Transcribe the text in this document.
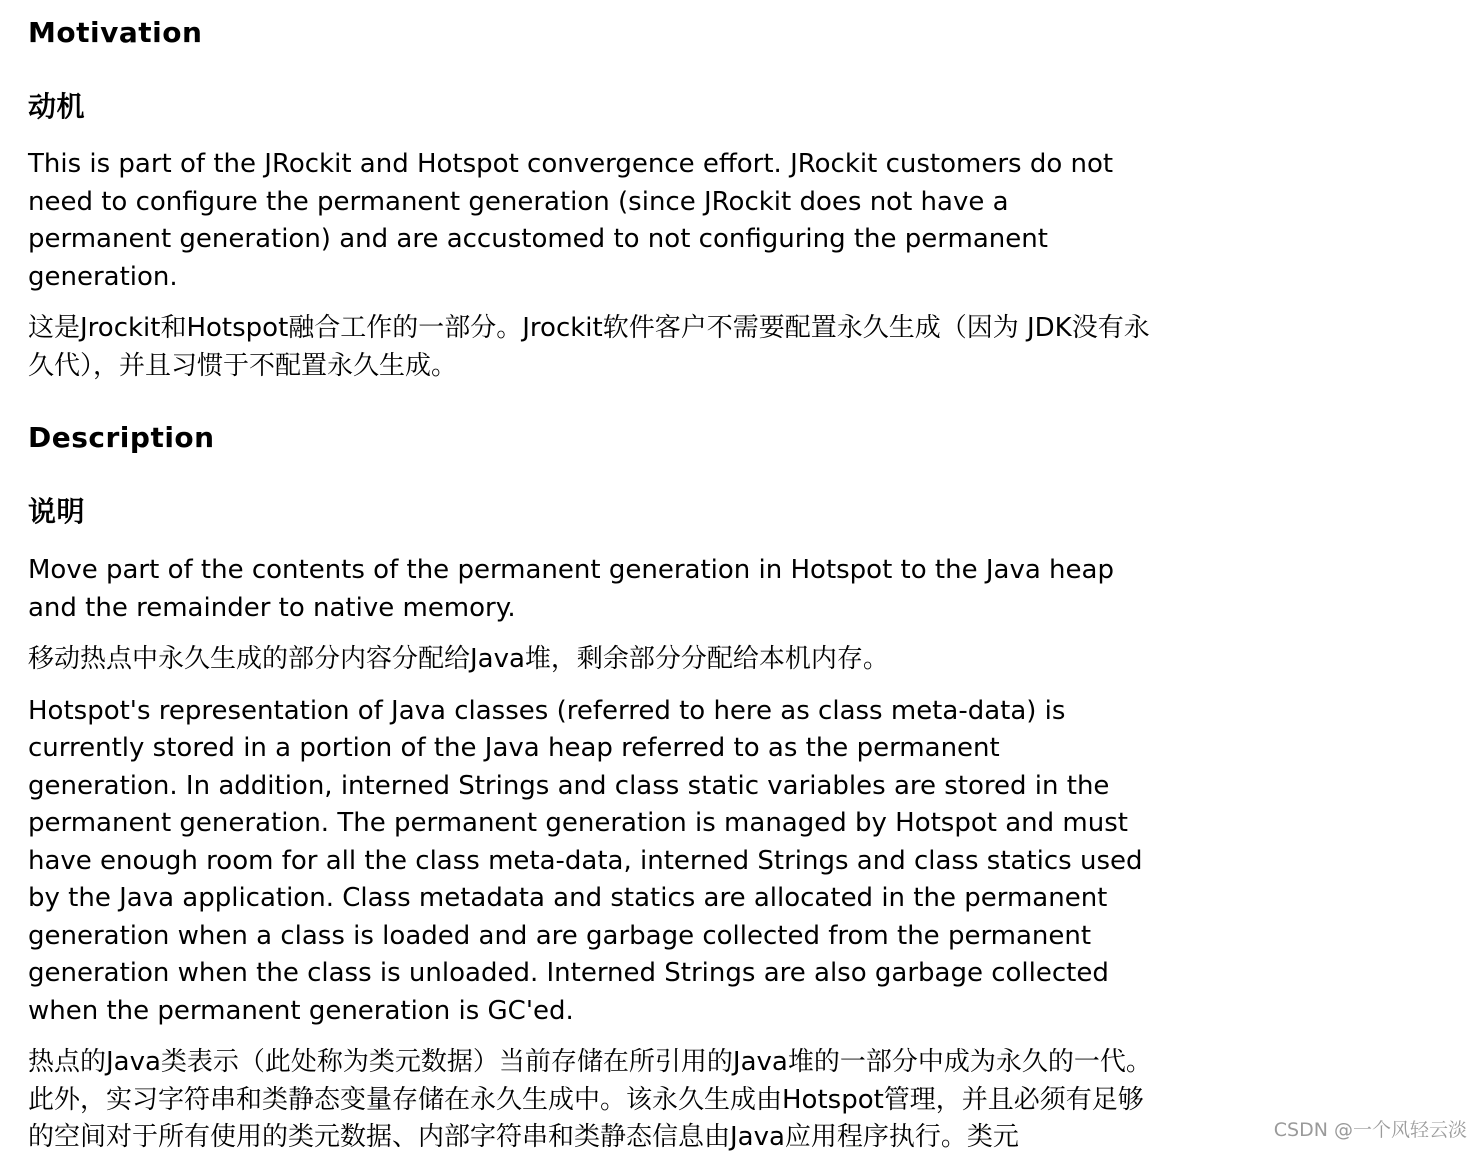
Motivation
动机

This is part of the JRockit and Hotspot convergence effort. JRockit customers do not need to configure the permanent generation (since JRockit does not have a permanent generation) and are accustomed to not configuring the permanent generation.

这是Jrockit和Hotspot融合工作的一部分。Jrockit软件客户不需要配置永久生成（因为 JDK没有永久代），并且习惯于不配置永久生成。

Description
说明

Move part of the contents of the permanent generation in Hotspot to the Java heap and the remainder to native memory.

移动热点中永久生成的部分内容分配给Java堆，剩余部分分配给本机内存。

Hotspot's representation of Java classes (referred to here as class meta-data) is currently stored in a portion of the Java heap referred to as the permanent generation. In addition, interned Strings and class static variables are stored in the permanent generation. The permanent generation is managed by Hotspot and must have enough room for all the class meta-data, interned Strings and class statics used by the Java application. Class metadata and statics are allocated in the permanent generation when a class is loaded and are garbage collected from the permanent generation when the class is unloaded. Interned Strings are also garbage collected when the permanent generation is GC'ed.

热点的Java类表示（此处称为类元数据）当前存储在所引用的Java堆的一部分中成为永久的一代。此外，实习字符串和类静态变量存储在永久生成中。该永久生成由Hotspot管理，并且必须有足够的空间对于所有使用的类元数据、内部字符串和类静态信息由Java应用程序执行。类元	CSDN @一个风轻云淡
